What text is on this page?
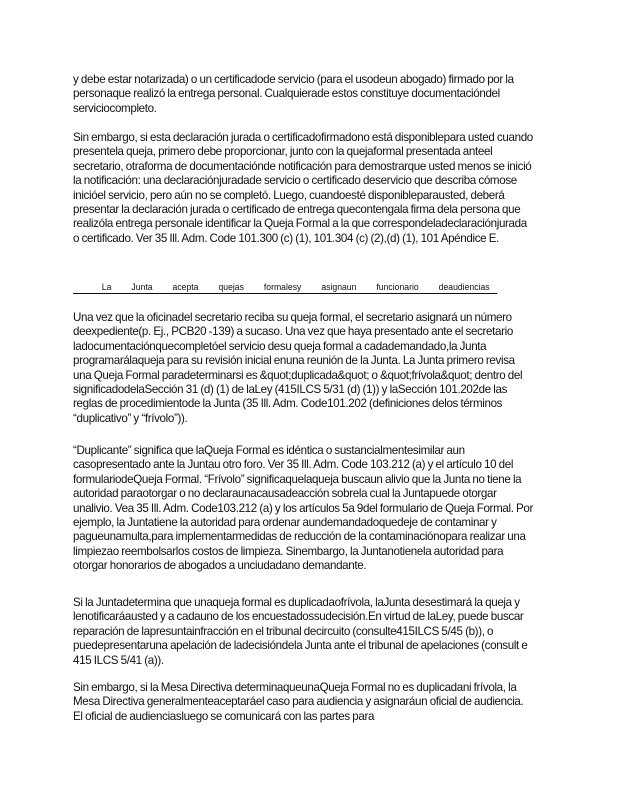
y debe estar notarizada) o un certificadode servicio (para el usodeun abogado) firmado por la personaque realizó la entrega personal. Cualquierade estos constituye documentacióndel serviciocompleto.

Sin embargo, si esta declaración jurada o certificadofirmadono está disponiblepara usted cuando presentela queja, primero debe proporcionar, junto con la quejaformal presentada anteel secretario, otraforma de documentaciónde notificación para demostrarque usted menos se inició la notificación: una declaraciónjuradade servicio o certificado deservicio que describa cómose inicióel servicio, pero aún no se completó. Luego, cuandoesté disponibleparausted, deberá presentar la declaración jurada o certificado de entrega quecontengala firma dela persona que realizóla entrega personale identificar la Queja Formal a la que correspondeladeclaraciónjurada o certificado. Ver 35 Ill. Adm. Code 101.300 (c) (1), 101.304 (c) (2),(d) (1), 101 Apéndice E.

La Junta acepta quejas formalesy asignaun funcionario deaudiencias

Una vez que la oficinadel secretario reciba su queja formal, el secretario asignará un número deexpediente(p. Ej., PCB20 -139) a sucaso. Una vez que haya presentado ante el secretario ladocumentaciónquecompletóel servicio desu queja formal a cadademandado,la Junta programarálaqueja para su revisión inicial enuna reunión de la Junta. La Junta primero revisa una Queja Formal paradeterminarsi es &quot;duplicada&quot; o &quot;frívola&quot; dentro del significadodelaSección 31 (d) (1) de laLey (415ILCS 5/31 (d) (1)) y laSección 101.202de las reglas de procedimientode la Junta (35 Ill. Adm. Code101.202 (definiciones delos términos “duplicativo” y “frívolo”)).

“Duplicante” significa que laQueja Formal es idéntica o sustancialmentesimilar aun casopresentado ante la Juntau otro foro. Ver 35 Ill. Adm. Code 103.212 (a) y el artículo 10 del formulariodeQueja Formal. “Frívolo” significaquelaqueja buscaun alivio que la Junta no tiene la autoridad paraotorgar o no declaraunacausadeacción sobrela cual la Juntapuede otorgar unalivio. Vea 35 Ill. Adm. Code103.212 (a) y los artículos 5a 9del formulario de Queja Formal. Por ejemplo, la Juntatiene la autoridad para ordenar aundemandadoquedeje de contaminar y pagueunamulta,para implementarmedidas de reducción de la contaminaciónopara realizar una limpiezao reembolsarlos costos de limpieza. Sinembargo, la Juntanotienela autoridad para otorgar honorarios de abogados a unciudadano demandante.

Si la Juntadetermina que unaqueja formal es duplicadaofrívola, laJunta desestimará la queja y lenotificaráausted y a cadauno de los encuestadossudecisión.En virtud de laLey, puede buscar reparación de lapresuntainfracción en el tribunal decircuito (consulte415ILCS 5/45 (b)), o puedepresentaruna apelación de ladecisióndela Junta ante el tribunal de apelaciones (consult e 415 ILCS 5/41 (a)).

Sin embargo, si la Mesa Directiva determinaqueunaQueja Formal no es duplicadani frívola, la Mesa Directiva generalmenteaceptaráel caso para audiencia y asignaráun oficial de audiencia. El oficial de audienciasluego se comunicará con las partes para
